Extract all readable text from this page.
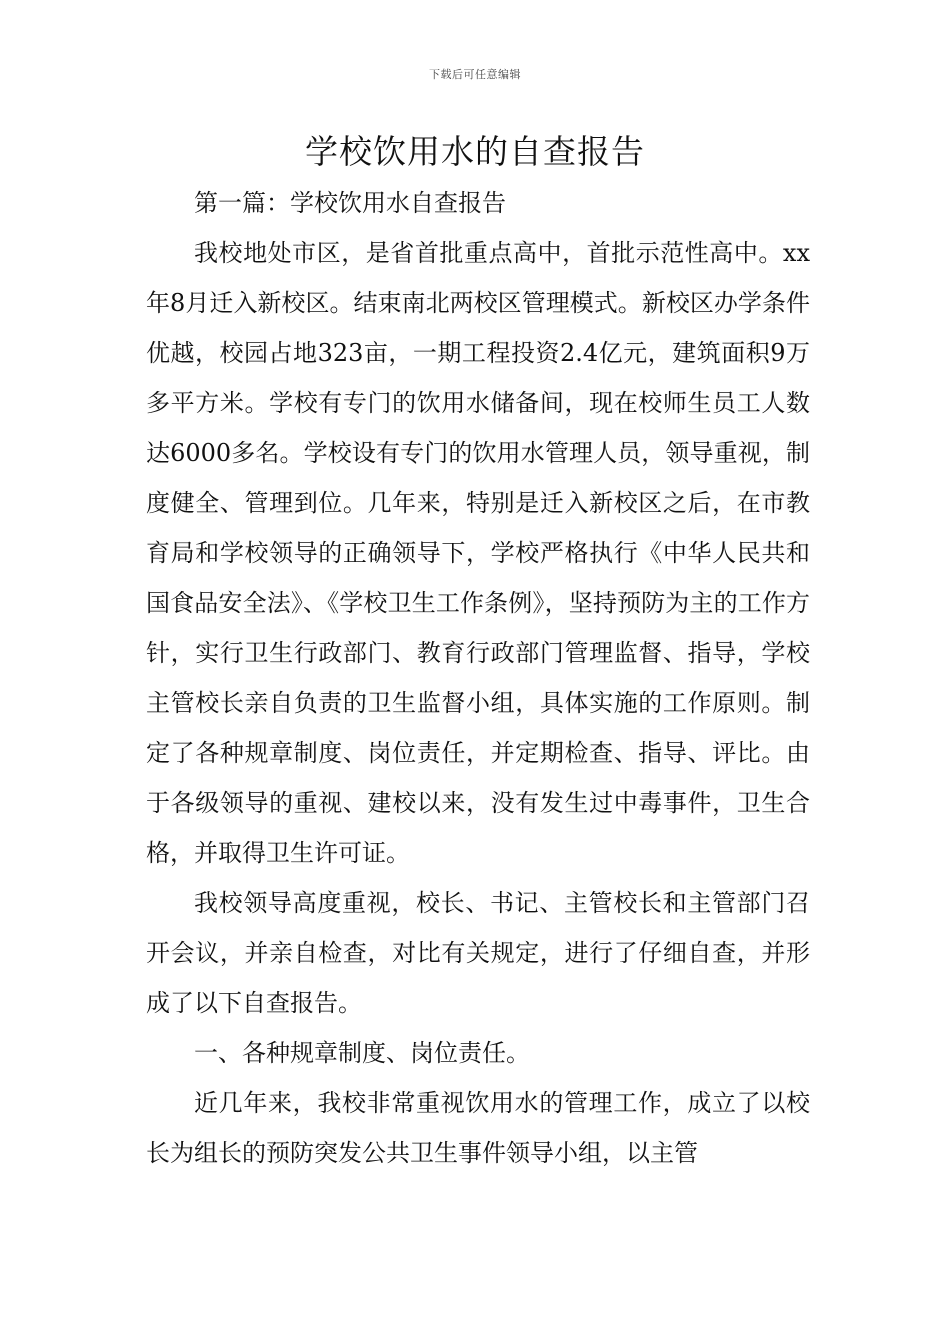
下载后可任意编辑
学校饮用水的自查报告

第一篇：学校饮用水自查报告

我校地处市区，是省首批重点高中，首批示范性高中。xx年8月迁入新校区。结束南北两校区管理模式。新校区办学条件优越，校园占地323亩，一期工程投资2.4亿元，建筑面积9万多平方米。学校有专门的饮用水储备间，现在校师生员工人数达6000多名。学校设有专门的饮用水管理人员，领导重视，制度健全、管理到位。几年来，特别是迁入新校区之后，在市教育局和学校领导的正确领导下，学校严格执行《中华人民共和国食品安全法》、《学校卫生工作条例》，坚持预防为主的工作方针，实行卫生行政部门、教育行政部门管理监督、指导，学校主管校长亲自负责的卫生监督小组，具体实施的工作原则。制定了各种规章制度、岗位责任，并定期检查、指导、评比。由于各级领导的重视、建校以来，没有发生过中毒事件，卫生合格，并取得卫生许可证。

我校领导高度重视，校长、书记、主管校长和主管部门召开会议，并亲自检查，对比有关规定，进行了仔细自查，并形成了以下自查报告。

一、各种规章制度、岗位责任。

近几年来，我校非常重视饮用水的管理工作，成立了以校长为组长的预防突发公共卫生事件领导小组，以主管
